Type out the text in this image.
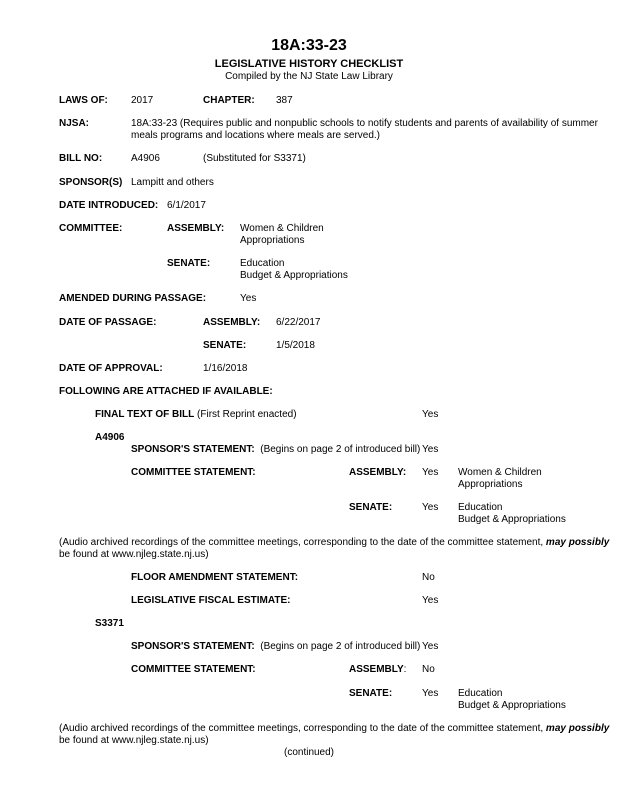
18A:33-23
LEGISLATIVE HISTORY CHECKLIST
Compiled by the NJ State Law Library
LAWS OF: 2017	CHAPTER: 387
NJSA:	18A:33-23 (Requires public and nonpublic schools to notify students and parents of availability of summer
meals programs and locations where meals are served.)
BILL NO:	A4906	(Substituted for S3371)
SPONSOR(S) Lampitt and others
DATE INTRODUCED: 6/1/2017
COMMITTEE:	ASSEMBLY: Women & Children
Appropriations
SENATE:	Education
Budget & Appropriations
AMENDED DURING PASSAGE:	Yes
DATE OF PASSAGE:	ASSEMBLY: 6/22/2017
SENATE:	1/5/2018
DATE OF APPROVAL:	1/16/2018
FOLLOWING ARE ATTACHED IF AVAILABLE:
FINAL TEXT OF BILL (First Reprint enacted)	Yes
A4906
SPONSOR'S STATEMENT: (Begins on page 2 of introduced bill) Yes
COMMITTEE STATEMENT:	ASSEMBLY: Yes Women & Children
Appropriations
SENATE:	Yes Education
Budget & Appropriations
(Audio archived recordings of the committee meetings, corresponding to the date of the committee statement, may possibly
be found at www.njleg.state.nj.us)
FLOOR AMENDMENT STATEMENT:	No
LEGISLATIVE FISCAL ESTIMATE:	Yes
S3371
SPONSOR'S STATEMENT: (Begins on page 2 of introduced bill) Yes
COMMITTEE STATEMENT:	ASSEMBLY: No
SENATE:	Yes Education
Budget & Appropriations
(Audio archived recordings of the committee meetings, corresponding to the date of the committee statement, may possibly
be found at www.njleg.state.nj.us)
(continued)
